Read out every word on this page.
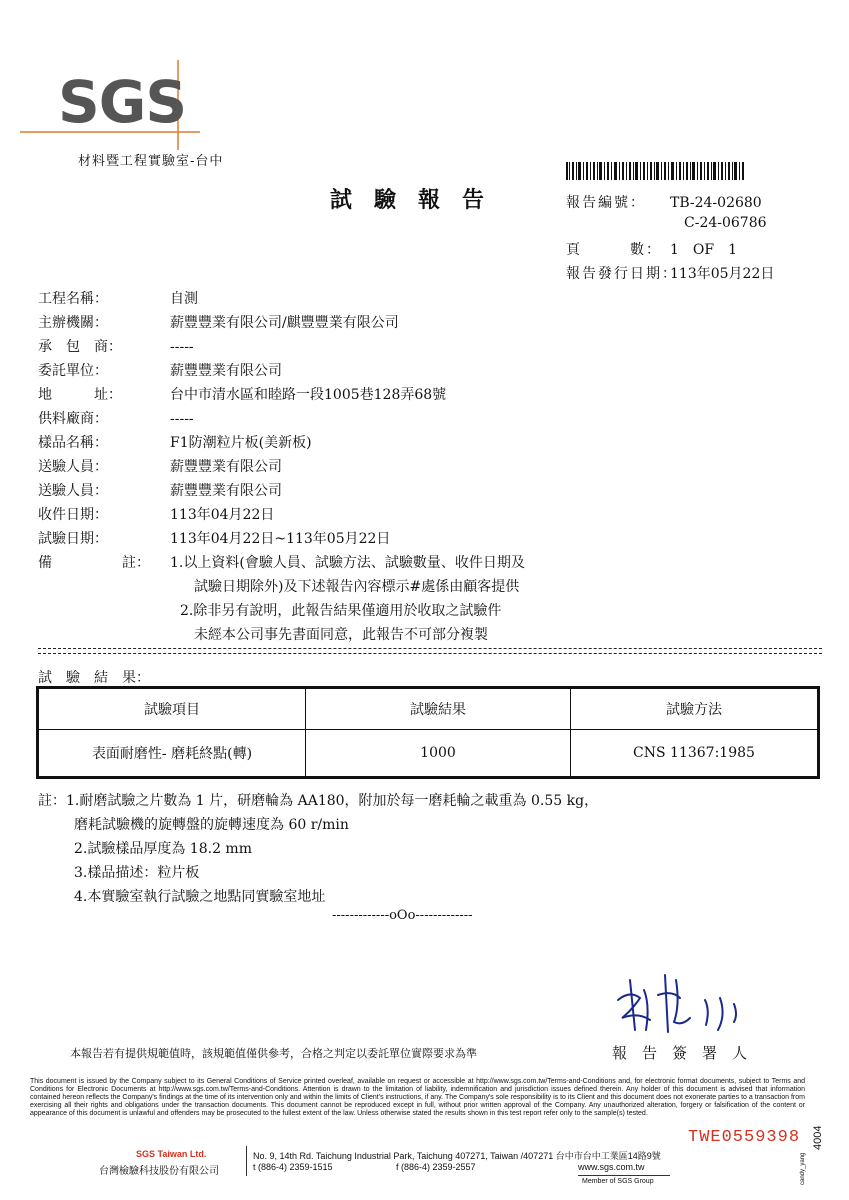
SGS
材料暨工程實驗室-台中
試驗報告	報告編號： TB-24-02680
C-24-06786
頁　　　數： 1　OF　1
報告發行日期：113年05月22日
工程名稱：	自測
主辦機關：	薪豐豐業有限公司/麒豐豐業有限公司
承　包　商：	-----
委託單位：	薪豐豐業有限公司
地　　　址：	台中市清水區和睦路一段1005巷128弄68號
供料廠商：	-----
樣品名稱：	F1防潮粒片板(美新板)
送驗人員：	薪豐豐業有限公司
送驗人員：	薪豐豐業有限公司
收件日期：	113年04月22日
試驗日期：	113年04月22日~113年05月22日
備　　　　　註： 1.以上資料(會驗人員、試驗方法、試驗數量、收件日期及
試驗日期除外)及下述報告內容標示#處係由顧客提供
2.除非另有說明，此報告結果僅適用於收取之試驗件
未經本公司事先書面同意，此報告不可部分複製
試　驗　結　果：
試驗項目	試驗結果	試驗方法
表面耐磨性- 磨耗終點(轉)	1000	CNS 11367:1985
註：1.耐磨試驗之片數為 1 片，研磨輪為 AA180，附加於每一磨耗輪之載重為 0.55 kg，
磨耗試驗機的旋轉盤的旋轉速度為 60 r/min
2.試驗樣品厚度為 18.2 mm
3.樣品描述：粒片板
4.本實驗室執行試驗之地點同實驗室地址
-------------oOo-------------
本報告若有提供規範值時，該規範值僅供參考，合格之判定以委託單位實際要求為準	報　告　簽　署　人
This document is issued by the Company subject to its General Conditions of Service printed overleaf, available on request or accessible at http://www.sgs.com.tw/Terms-and-Conditions and, for electronic format documents, subject to Terms and Conditions for Electronic Documents at http://www.sgs.com.tw/Terms-and-Conditions. Attention is drawn to the limitation of liability, indemnification and jurisdiction issues defined therein. Any holder of this document is advised that information contained hereon reflects the Company's findings at the time of its intervention only and within the limits of Client's instructions, if any. The Company's sole responsibility is to its Client and this document does not exonerate parties to a transaction from exercising all their rights and obligations under the transaction documents. This document cannot be reproduced except in full, without prior written approval of the Company. Any unauthorized alteration, forgery or falsification of the content or appearance of this document is unlawful and offenders may be prosecuted to the fullest extent of the law. Unless otherwise stated the results shown in this test report refer only to the sample(s) tested.
TWE0559398
SGS Taiwan Ltd.
台灣檢驗科技股份有限公司
No. 9, 14th Rd. Taichung Industrial Park, Taichung 407271, Taiwan /407271 台中市台中工業區14路9號
t (886-4) 2359-1515	f (886-4) 2359-2557	www.sgs.com.tw
Member of SGS Group
4004
candy_yang
